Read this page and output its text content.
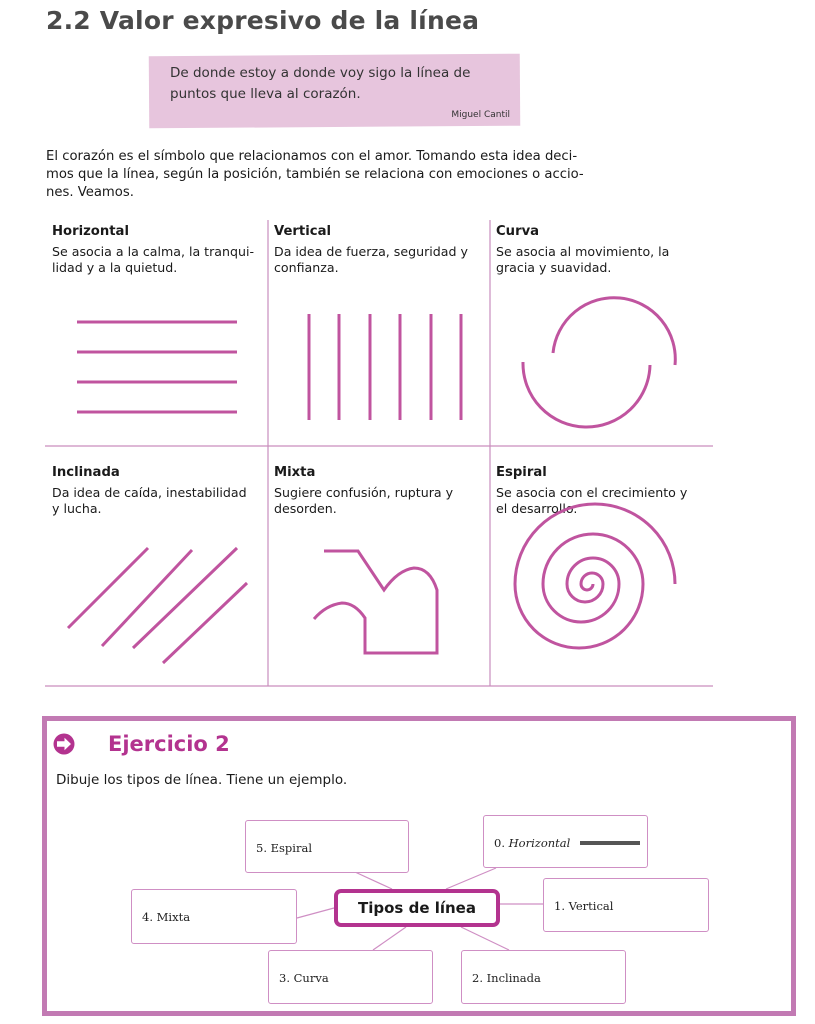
2.2 Valor expresivo de la línea
De donde estoy a donde voy sigo la línea de
puntos que lleva al corazón.
Miguel Cantil
El corazón es el símbolo que relacionamos con el amor. Tomando esta idea deci-
mos que la línea, según la posición, también se relaciona con emociones o accio-
nes. Veamos.
Horizontal
Se asocia a la calma, la tranqui-
lidad y a la quietud.
Vertical
Da idea de fuerza, seguridad y
confianza.
Curva
Se asocia al movimiento, la
gracia y suavidad.
Inclinada
Da idea de caída, inestabilidad
y lucha.
Mixta
Sugiere confusión, ruptura y
desorden.
Espiral
Se asocia con el crecimiento y
el desarrollo.
Ejercicio 2
Dibuje los tipos de línea. Tiene un ejemplo.
Tipos de línea
5. Espiral	0. Horizontal
4. Mixta
1. Vertical
3. Curva	2. Inclinada
